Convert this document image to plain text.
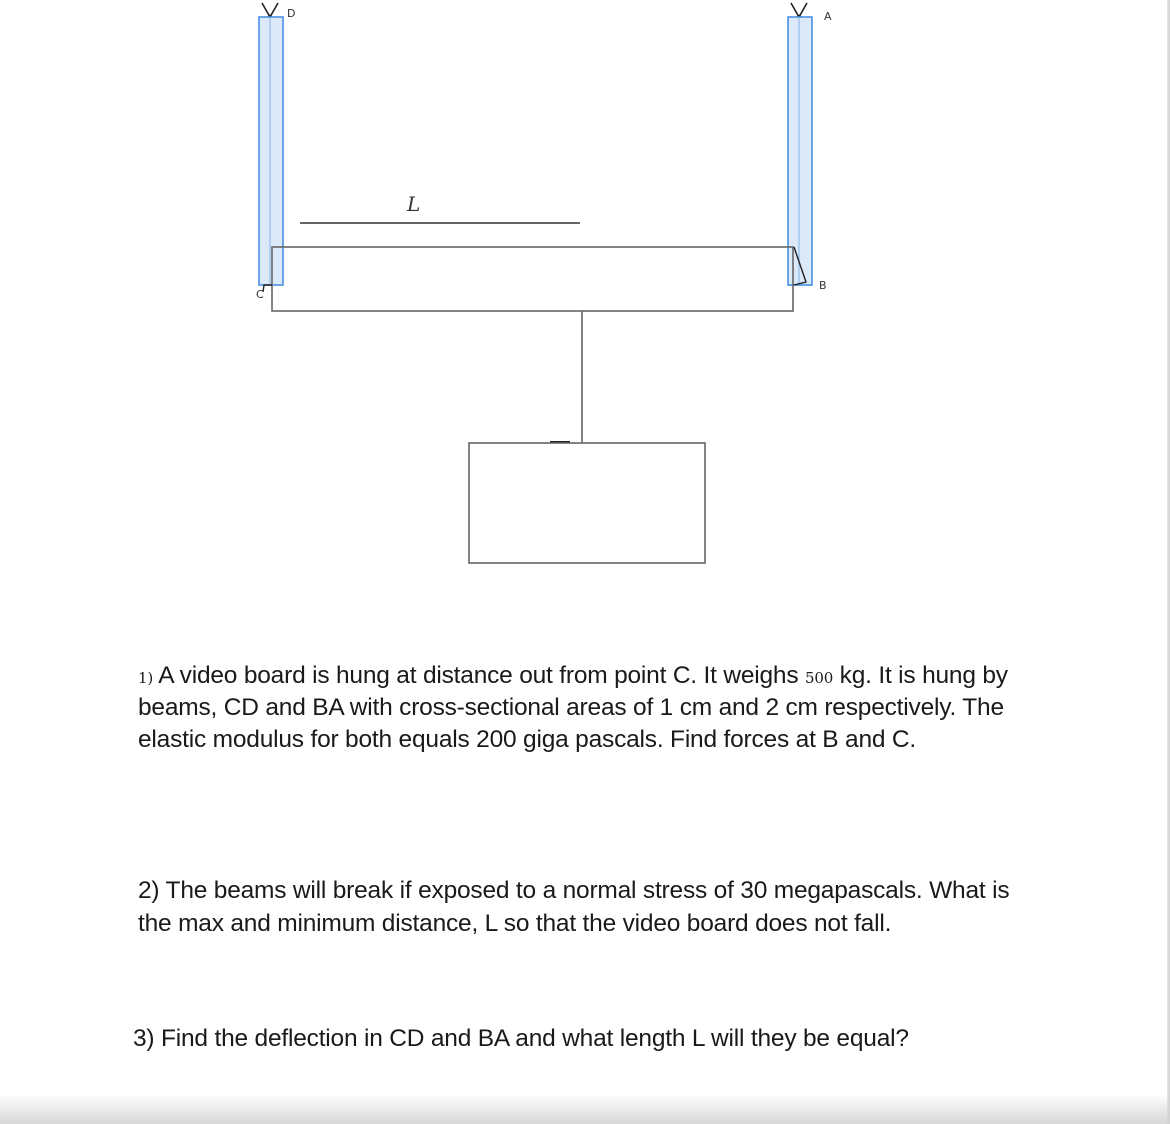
D	A
L
C
B

1) A video board is hung at distance out from point C. It weighs 500 kg. It is hung by beams, CD and BA with cross-sectional areas of 1 cm and 2 cm respectively. The elastic modulus for both equals 200 giga pascals. Find forces at B and C.

2) The beams will break if exposed to a normal stress of 30 megapascals. What is the max and minimum distance, L so that the video board does not fall.

3) Find the deflection in CD and BA and what length L will they be equal?
